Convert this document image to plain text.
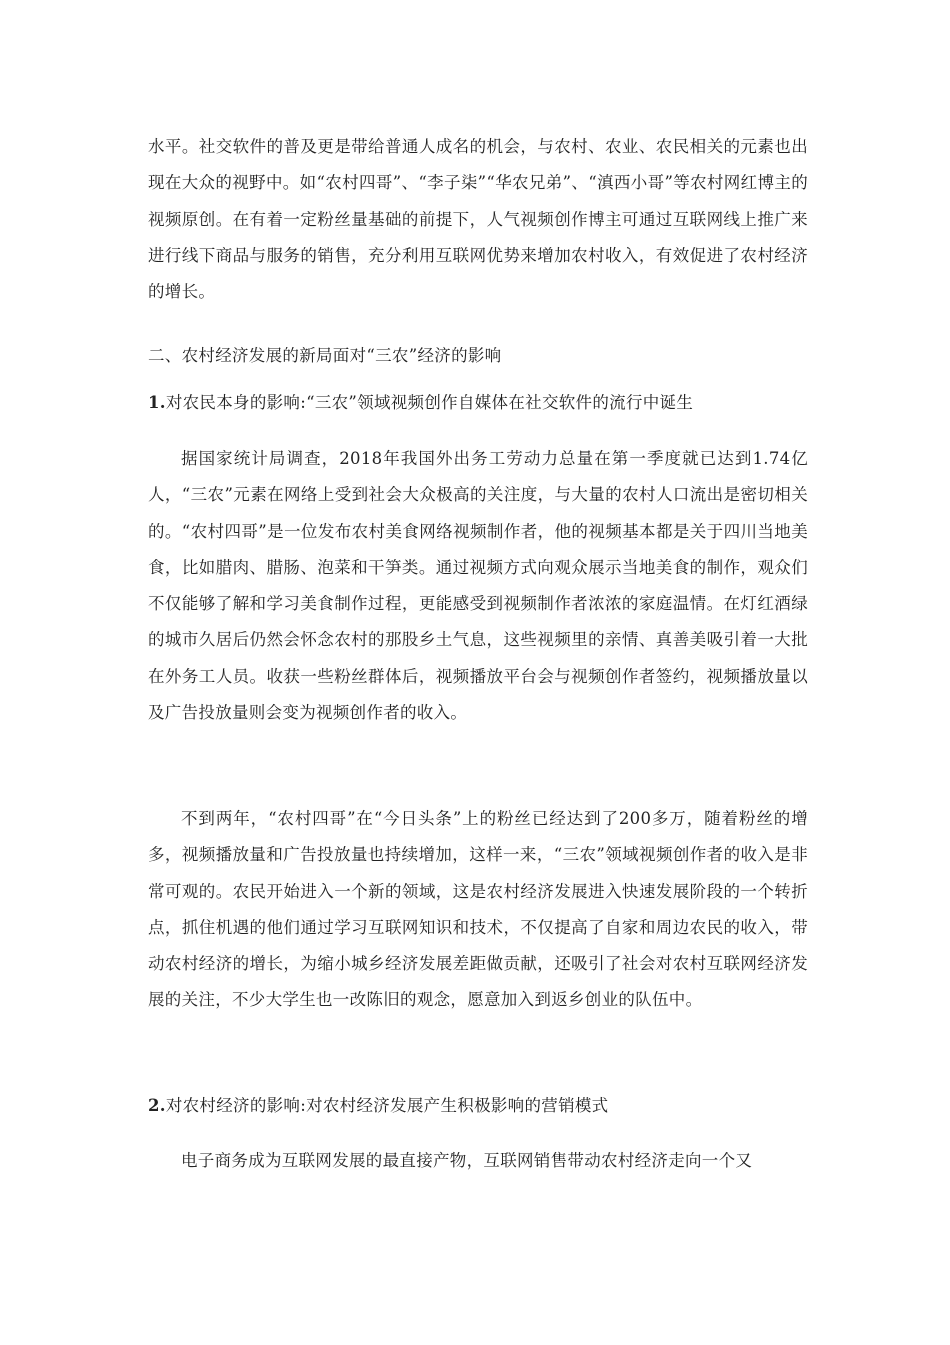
水平。社交软件的普及更是带给普通人成名的机会，与农村、农业、农民相关的元素也出现在大众的视野中。如“农村四哥”、“李子柒”“华农兄弟”、“滇西小哥”等农村网红博主的视频原创。在有着一定粉丝量基础的前提下，人气视频创作博主可通过互联网线上推广来进行线下商品与服务的销售，充分利用互联网优势来增加农村收入，有效促进了农村经济的增长。

二、农村经济发展的新局面对“三农”经济的影响

1.对农民本身的影响:“三农”领域视频创作自媒体在社交软件的流行中诞生

据国家统计局调查，2018年我国外出务工劳动力总量在第一季度就已达到1.74亿人，“三农”元素在网络上受到社会大众极高的关注度，与大量的农村人口流出是密切相关的。“农村四哥”是一位发布农村美食网络视频制作者，他的视频基本都是关于四川当地美食，比如腊肉、腊肠、泡菜和干笋类。通过视频方式向观众展示当地美食的制作，观众们不仅能够了解和学习美食制作过程，更能感受到视频制作者浓浓的家庭温情。在灯红酒绿的城市久居后仍然会怀念农村的那股乡土气息，这些视频里的亲情、真善美吸引着一大批在外务工人员。收获一些粉丝群体后，视频播放平台会与视频创作者签约，视频播放量以及广告投放量则会变为视频创作者的收入。

不到两年，“农村四哥”在“今日头条”上的粉丝已经达到了200多万，随着粉丝的增多，视频播放量和广告投放量也持续增加，这样一来，“三农”领域视频创作者的收入是非常可观的。农民开始进入一个新的领域，这是农村经济发展进入快速发展阶段的一个转折点，抓住机遇的他们通过学习互联网知识和技术，不仅提高了自家和周边农民的收入，带动农村经济的增长，为缩小城乡经济发展差距做贡献，还吸引了社会对农村互联网经济发展的关注，不少大学生也一改陈旧的观念，愿意加入到返乡创业的队伍中。

2.对农村经济的影响:对农村经济发展产生积极影响的营销模式

电子商务成为互联网发展的最直接产物，互联网销售带动农村经济走向一个又
